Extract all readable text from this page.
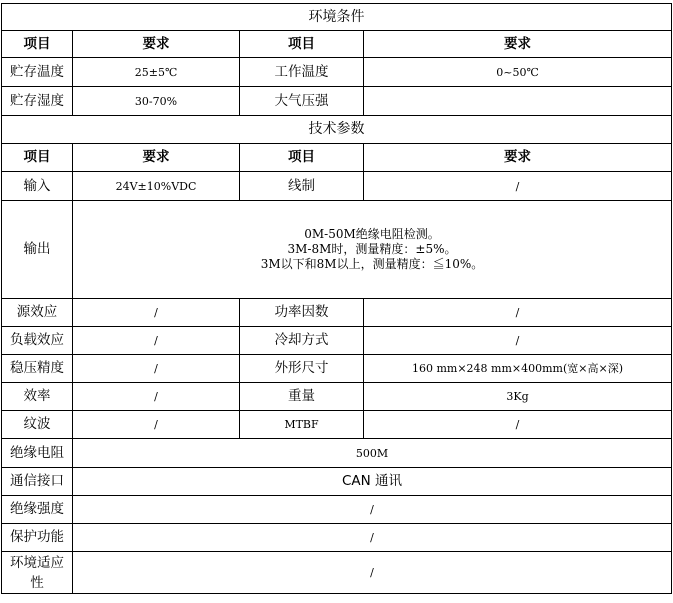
环境条件			
项目	要求	项目	要求
贮存温度	25±5℃	工作温度	0~50℃
贮存湿度	30-70%	大气压强	
技术参数			
项目	要求	项目	要求
输入	24V±10%VDC	线制	/
输出	0M-50M绝缘电阻检测。
3M-8M时，测量精度：±5%。
3M以下和8M以上，测量精度：≦10%。		

源效应	/	功率因数	/
负载效应	/	冷却方式	/
稳压精度	/	外形尺寸	160 mm×248 mm×400mm(宽×高×深)
效率	/	重量	3Kg
纹波	/	MTBF	/
绝缘电阻	500M		
通信接口	CAN 通讯		
绝缘强度	/		
保护功能	/		
环境适应性	/		
